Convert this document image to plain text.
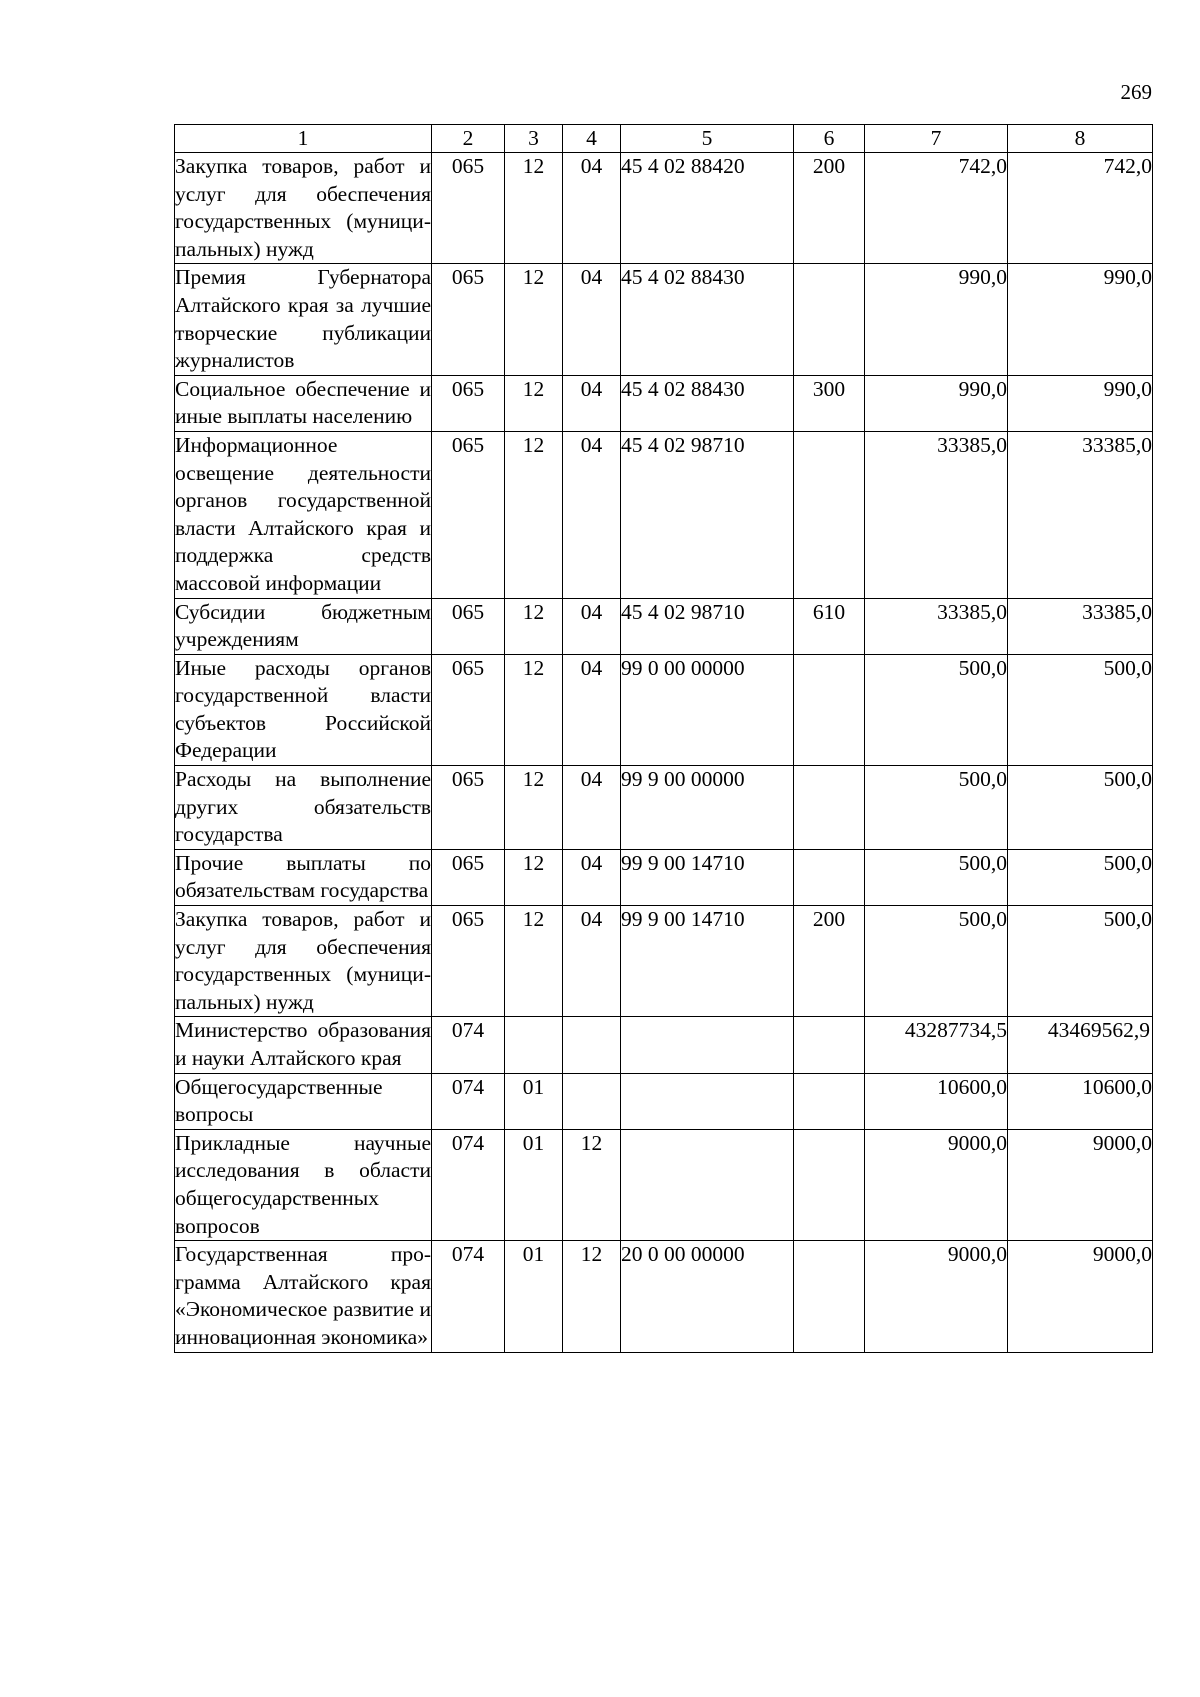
269
1	2	3	4	5	6	7	8
Закупка товаров, работ и услуг для обеспечения государственных (муниципальных) нужд	065	12	04	45 4 02 88420	200	742,0	742,0
Премия Губернатора Алтайского края за лучшие творческие публикации журналистов	065	12	04	45 4 02 88430		990,0	990,0
Социальное обеспечение и иные выплаты населению	065	12	04	45 4 02 88430	300	990,0	990,0
Информационное освещение деятельности органов государственной власти Алтайского края и поддержка средств массовой информации	065	12	04	45 4 02 98710		33385,0	33385,0
Субсидии бюджетным учреждениям	065	12	04	45 4 02 98710	610	33385,0	33385,0
Иные расходы органов государственной власти субъектов Российской Федерации	065	12	04	99 0 00 00000		500,0	500,0
Расходы на выполнение других обязательств государства	065	12	04	99 9 00 00000		500,0	500,0
Прочие выплаты по обязательствам государства	065	12	04	99 9 00 14710		500,0	500,0
Закупка товаров, работ и услуг для обеспечения государственных (муниципальных) нужд	065	12	04	99 9 00 14710	200	500,0	500,0
Министерство образования и науки Алтайского края	074					43287734,5	43469562,9
Общегосударственные вопросы	074	01				10600,0	10600,0
Прикладные научные исследования в области общегосударственных вопросов	074	01	12			9000,0	9000,0
Государственная программа Алтайского края «Экономическое развитие и инновационная экономика»	074	01	12	20 0 00 00000		9000,0	9000,0
